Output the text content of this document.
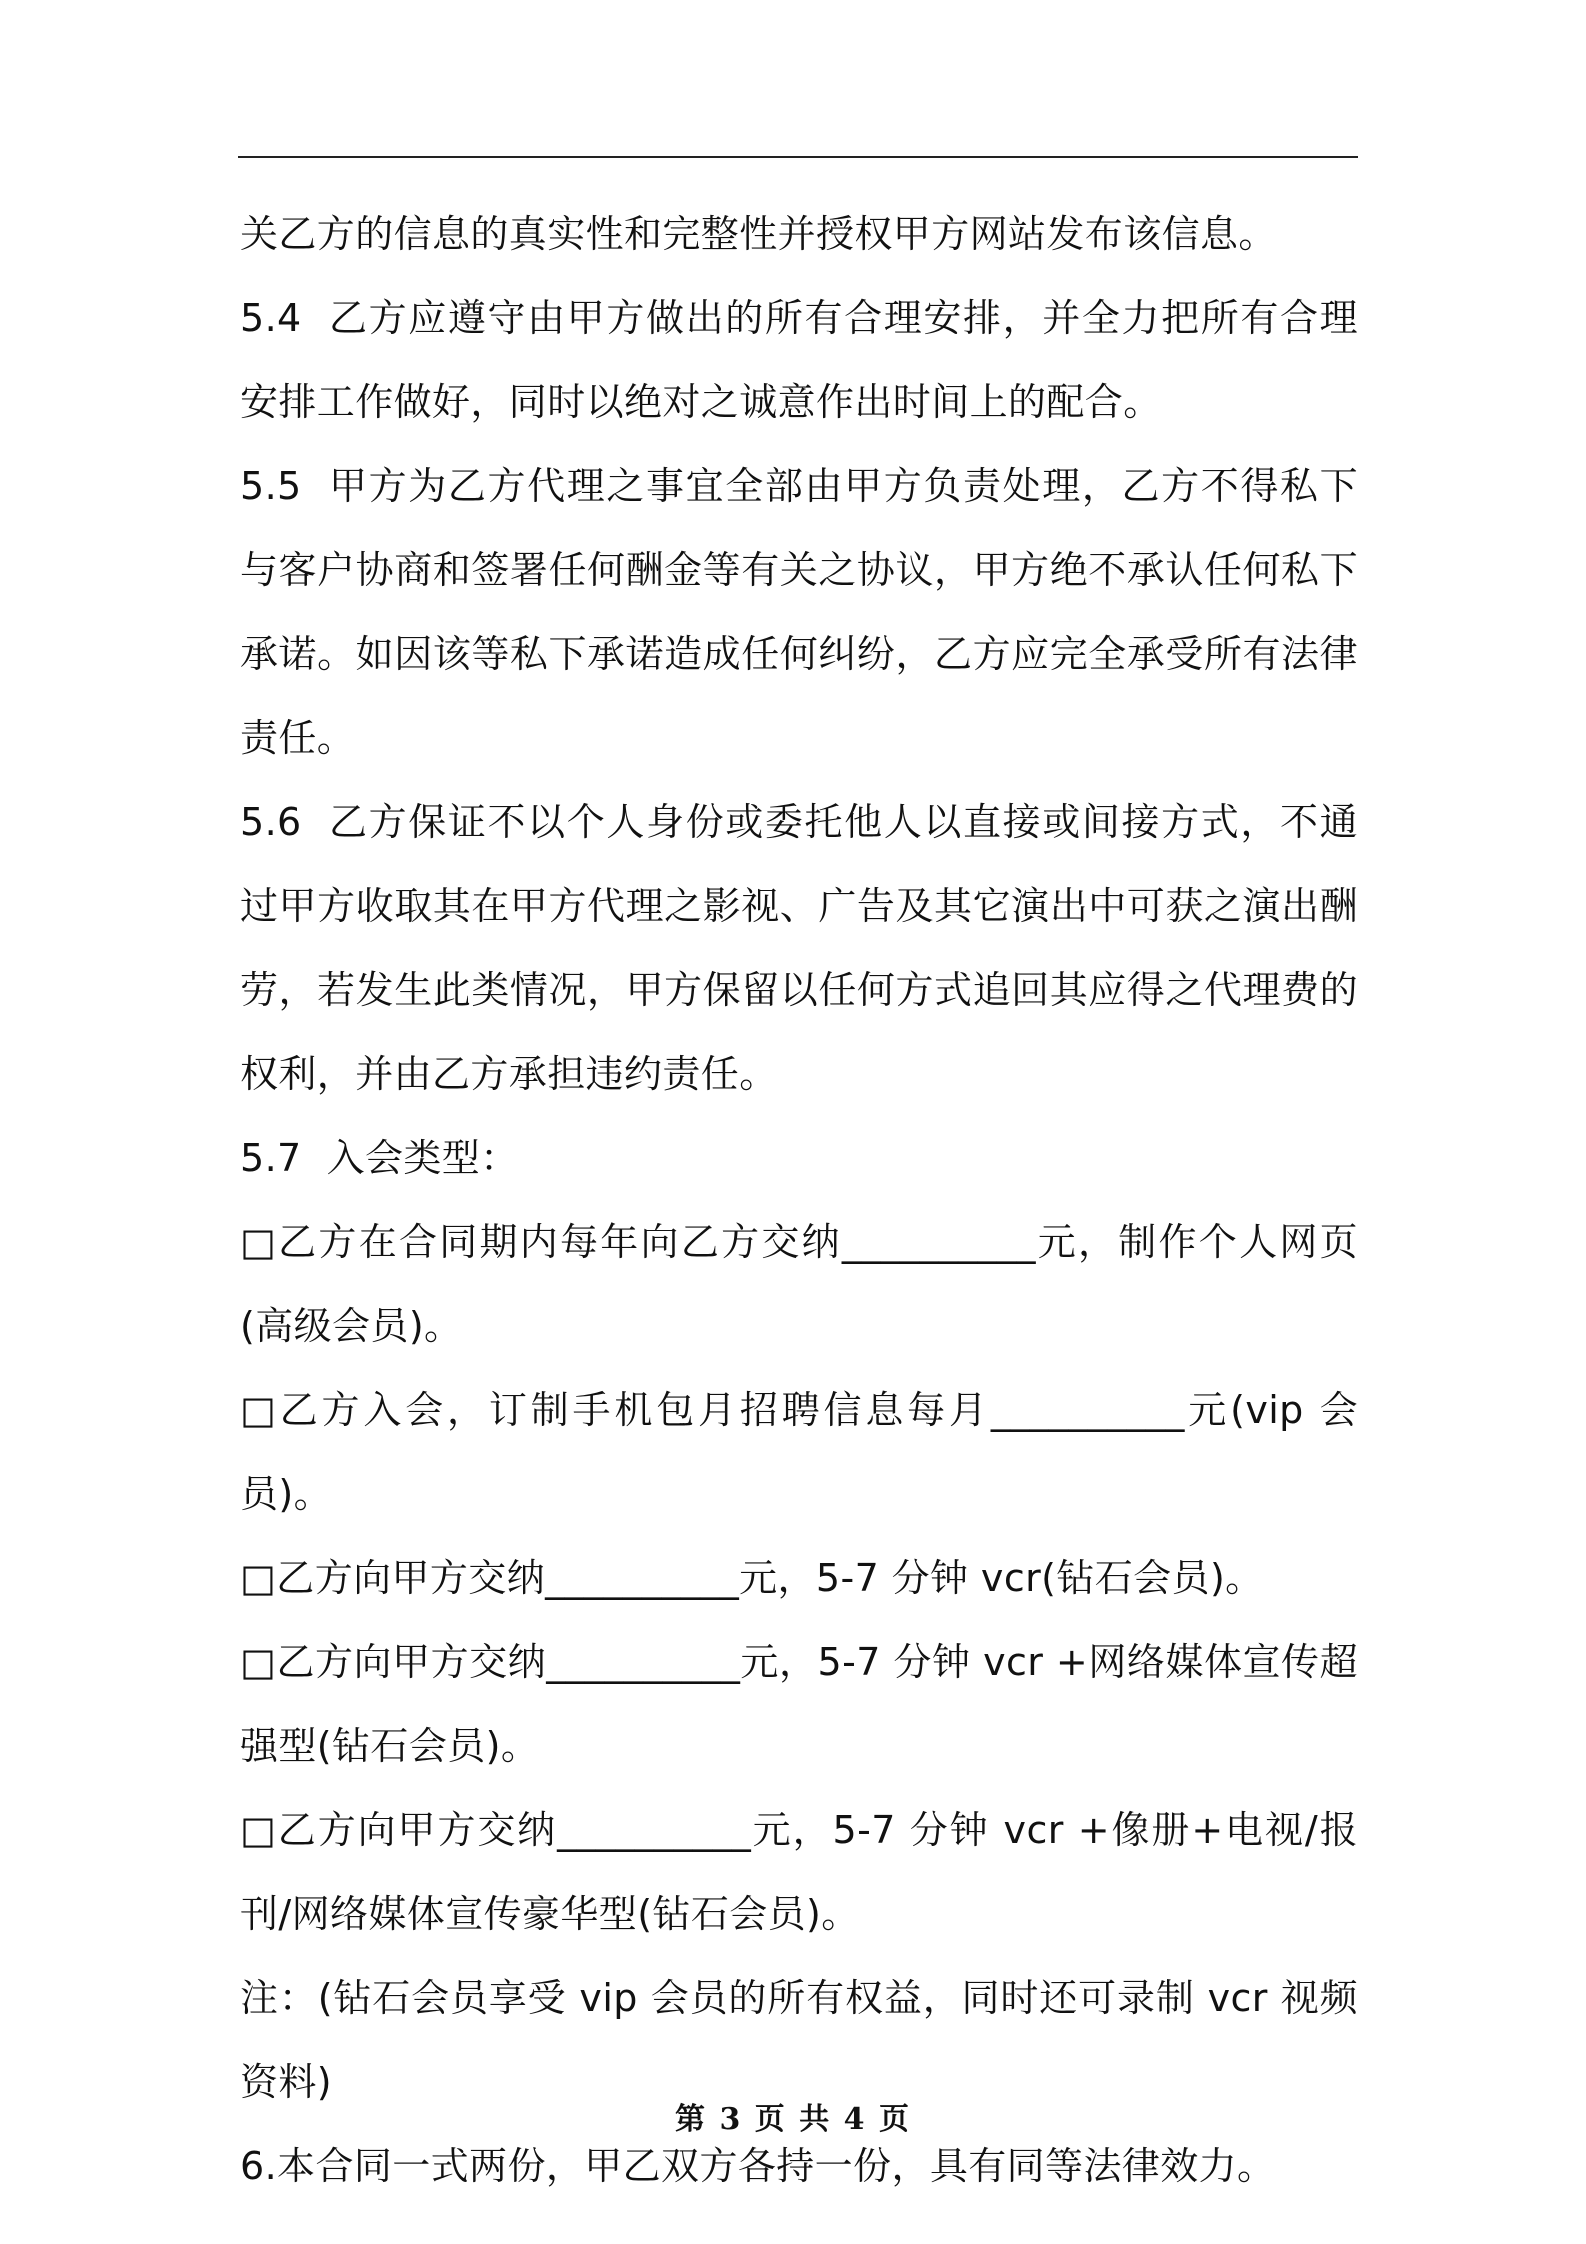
关乙方的信息的真实性和完整性并授权甲方网站发布该信息。

5.4  乙方应遵守由甲方做出的所有合理安排，并全力把所有合理安排工作做好，同时以绝对之诚意作出时间上的配合。

5.5  甲方为乙方代理之事宜全部由甲方负责处理，乙方不得私下与客户协商和签署任何酬金等有关之协议，甲方绝不承认任何私下承诺。如因该等私下承诺造成任何纠纷，乙方应完全承受所有法律责任。

5.6  乙方保证不以个人身份或委托他人以直接或间接方式，不通过甲方收取其在甲方代理之影视、广告及其它演出中可获之演出酬劳，若发生此类情况，甲方保留以任何方式追回其应得之代理费的权利，并由乙方承担违约责任。

5.7  入会类型：

□乙方在合同期内每年向乙方交纳__________元，制作个人网页(高级会员)。

□乙方入会，订制手机包月招聘信息每月__________元(vip 会员)。

□乙方向甲方交纳__________元，5-7 分钟 vcr(钻石会员)。

□乙方向甲方交纳__________元，5-7 分钟 vcr +网络媒体宣传超强型(钻石会员)。

□乙方向甲方交纳__________元，5-7 分钟 vcr +像册+电视/报刊/网络媒体宣传豪华型(钻石会员)。

注：(钻石会员享受 vip 会员的所有权益，同时还可录制 vcr 视频资料)

6.本合同一式两份，甲乙双方各持一份，具有同等法律效力。

第 3 页 共 4 页
